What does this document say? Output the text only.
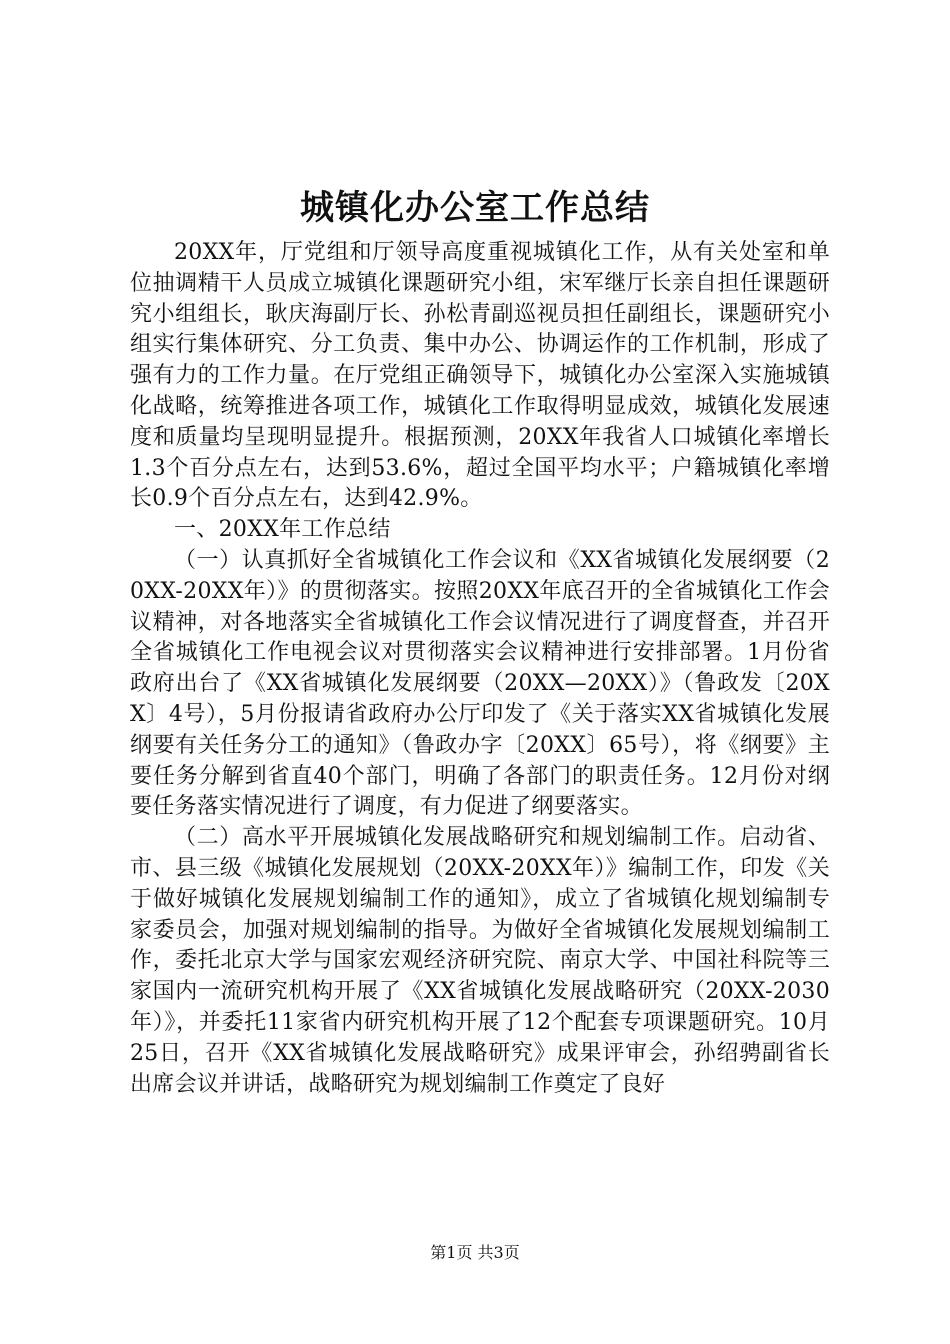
城镇化办公室工作总结

20XX年，厅党组和厅领导高度重视城镇化工作，从有关处室和单位抽调精干人员成立城镇化课题研究小组，宋军继厅长亲自担任课题研究小组组长，耿庆海副厅长、孙松青副巡视员担任副组长，课题研究小组实行集体研究、分工负责、集中办公、协调运作的工作机制，形成了强有力的工作力量。在厅党组正确领导下，城镇化办公室深入实施城镇化战略，统筹推进各项工作，城镇化工作取得明显成效，城镇化发展速度和质量均呈现明显提升。根据预测，20XX年我省人口城镇化率增长1.3个百分点左右，达到53.6%，超过全国平均水平；户籍城镇化率增长0.9个百分点左右，达到42.9%。

一、20XX年工作总结

（一）认真抓好全省城镇化工作会议和《XX省城镇化发展纲要（20XX-20XX年）》的贯彻落实。按照20XX年底召开的全省城镇化工作会议精神，对各地落实全省城镇化工作会议情况进行了调度督查，并召开全省城镇化工作电视会议对贯彻落实会议精神进行安排部署。1月份省政府出台了《XX省城镇化发展纲要（20XX—20XX）》（鲁政发〔20XX〕4号），5月份报请省政府办公厅印发了《关于落实XX省城镇化发展纲要有关任务分工的通知》（鲁政办字〔20XX〕65号），将《纲要》主要任务分解到省直40个部门，明确了各部门的职责任务。12月份对纲要任务落实情况进行了调度，有力促进了纲要落实。

（二）高水平开展城镇化发展战略研究和规划编制工作。启动省、市、县三级《城镇化发展规划（20XX-20XX年）》编制工作，印发《关于做好城镇化发展规划编制工作的通知》，成立了省城镇化规划编制专家委员会，加强对规划编制的指导。为做好全省城镇化发展规划编制工作，委托北京大学与国家宏观经济研究院、南京大学、中国社科院等三家国内一流研究机构开展了《XX省城镇化发展战略研究（20XX-2030年）》，并委托11家省内研究机构开展了12个配套专项课题研究。10月25日，召开《XX省城镇化发展战略研究》成果评审会，孙绍骋副省长出席会议并讲话，战略研究为规划编制工作奠定了良好

第1页 共3页
